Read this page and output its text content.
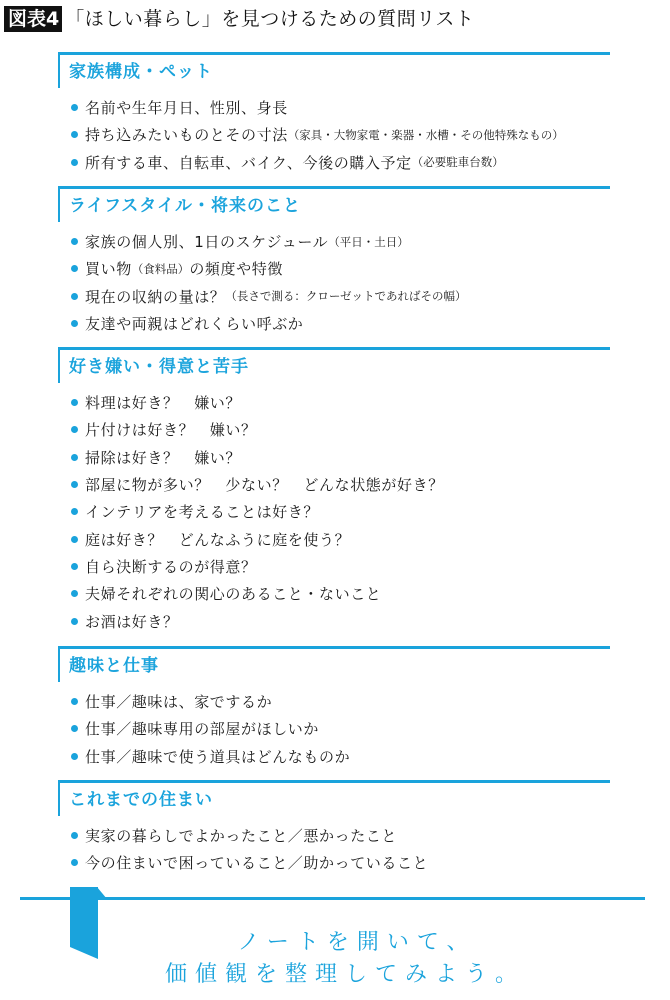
図表4 「ほしい暮らし」を見つけるための質問リスト
家族構成・ペット
名前や生年月日、性別、身長
持ち込みたいものとその寸法 （家具・大物家電・楽器・水槽・その他特殊なもの）
所有する車、自転車、バイク、今後の購入予定 （必要駐車台数）
ライフスタイル・将来のこと
家族の個人別、1日のスケジュール （平日・土日）
買い物 （食料品） の頻度や特徴
現在の収納の量は？ （長さで測る：クローゼットであればその幅）
友達や両親はどれくらい呼ぶか
好き嫌い・得意と苦手
料理は好き？　嫌い？
片付けは好き？　嫌い？
掃除は好き？　嫌い？
部屋に物が多い？　少ない？　どんな状態が好き？
インテリアを考えることは好き？
庭は好き？　どんなふうに庭を使う？
自ら決断するのが得意？
夫婦それぞれの関心のあること・ないこと
お酒は好き？
趣味と仕事
仕事／趣味は、家でするか
仕事／趣味専用の部屋がほしいか
仕事／趣味で使う道具はどんなものか
これまでの住まい
実家の暮らしでよかったこと／悪かったこと
今の住まいで困っていること／助かっていること
ノートを開いて、
価値観を整理してみよう。
